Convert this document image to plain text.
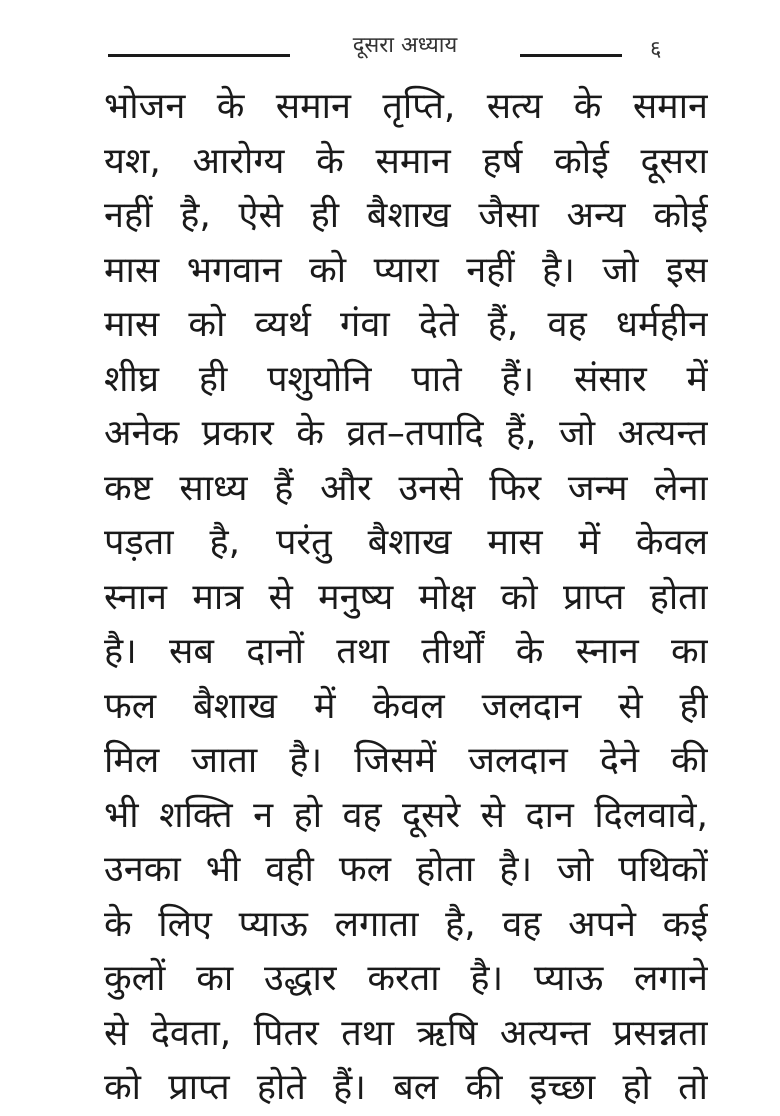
दूसरा अध्याय	६
भोजन के समान तृप्ति, सत्य के समान
यश, आरोग्य के समान हर्ष कोई दूसरा
नहीं है, ऐसे ही बैशाख जैसा अन्य कोई
मास भगवान को प्यारा नहीं है। जो इस
मास को व्यर्थ गंवा देते हैं, वह धर्महीन
शीघ्र ही पशुयोनि पाते हैं। संसार में
अनेक प्रकार के व्रत–तपादि हैं, जो अत्यन्त
कष्ट साध्य हैं और उनसे फिर जन्म लेना
पड़ता है, परंतु बैशाख मास में केवल
स्नान मात्र से मनुष्य मोक्ष को प्राप्त होता
है। सब दानों तथा तीर्थों के स्नान का
फल बैशाख में केवल जलदान से ही
मिल जाता है। जिसमें जलदान देने की
भी शक्ति न हो वह दूसरे से दान दिलवावे,
उनका भी वही फल होता है। जो पथिकों
के लिए प्याऊ लगाता है, वह अपने कई
कुलों का उद्धार करता है। प्याऊ लगाने
से देवता, पितर तथा ऋषि अत्यन्त प्रसन्नता
को प्राप्त होते हैं। बल की इच्छा हो तो
